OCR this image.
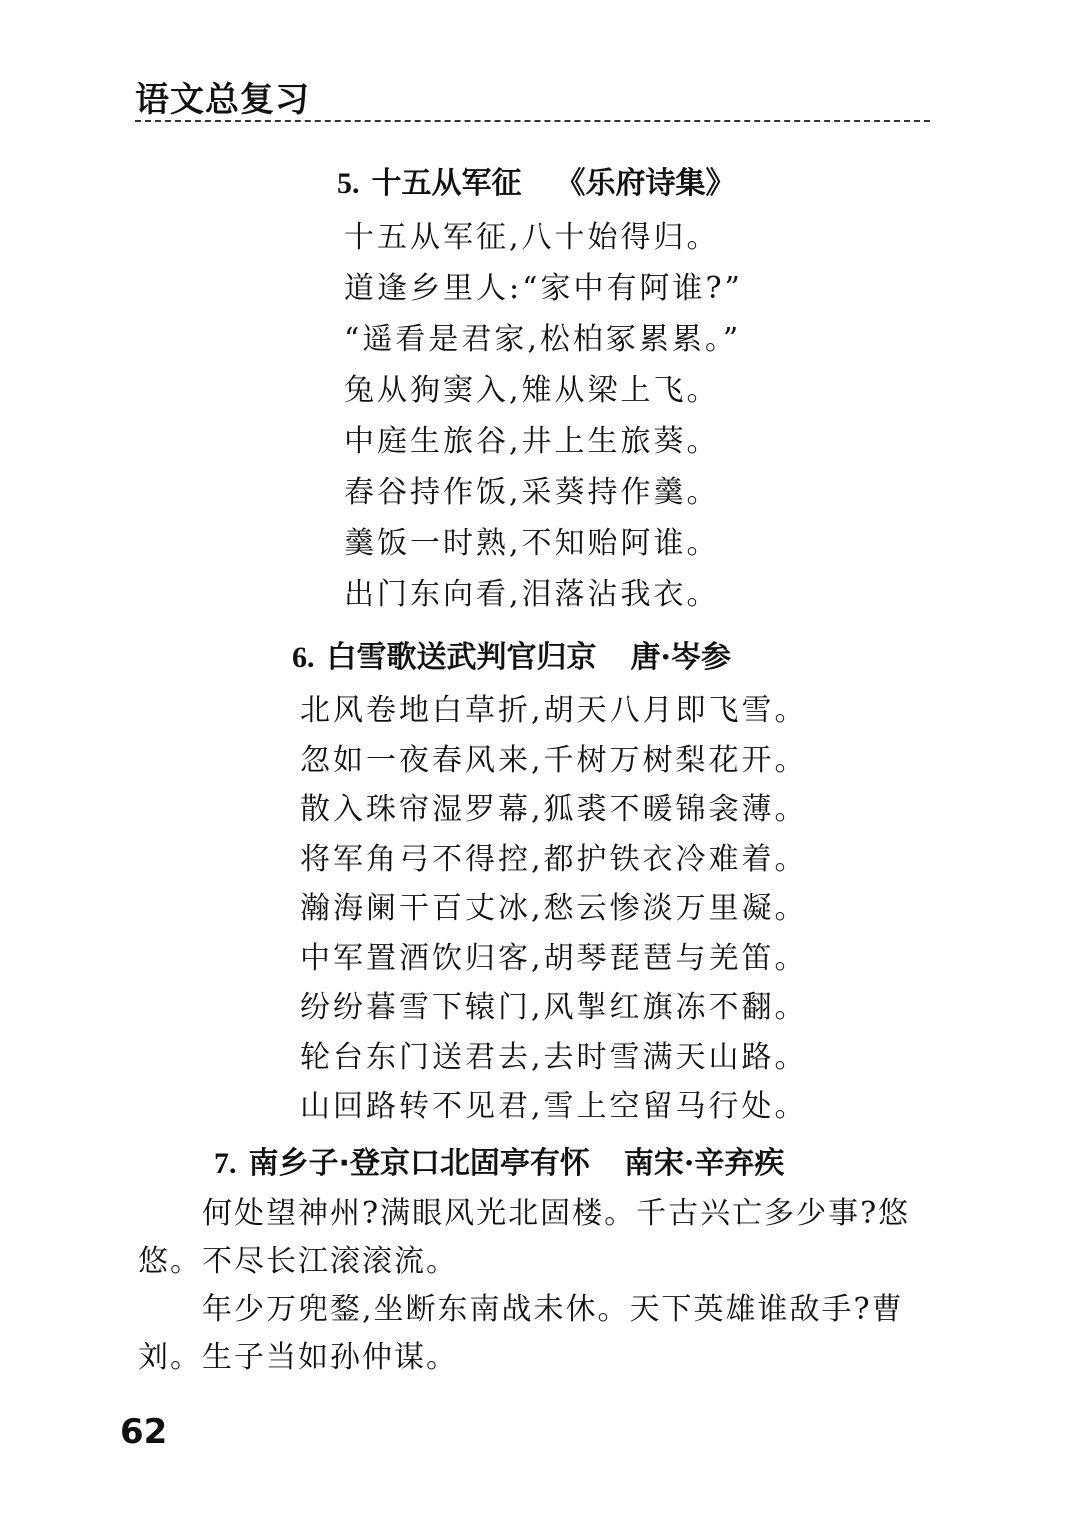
语文总复习
5. 十五从军征 《乐府诗集》
十五从军征,八十始得归。
道逢乡里人:“家中有阿谁?”
“遥看是君家,松柏冢累累。”
兔从狗窦入,雉从梁上飞。
中庭生旅谷,井上生旅葵。
舂谷持作饭,采葵持作羹。
羹饭一时熟,不知贻阿谁。
出门东向看,泪落沾我衣。
6. 白雪歌送武判官归京 唐·岑参
北风卷地白草折,胡天八月即飞雪。
忽如一夜春风来,千树万树梨花开。
散入珠帘湿罗幕,狐裘不暖锦衾薄。
将军角弓不得控,都护铁衣冷难着。
瀚海阑干百丈冰,愁云惨淡万里凝。
中军置酒饮归客,胡琴琵琶与羌笛。
纷纷暮雪下辕门,风掣红旗冻不翻。
轮台东门送君去,去时雪满天山路。
山回路转不见君,雪上空留马行处。
7. 南乡子·登京口北固亭有怀 南宋·辛弃疾

何处望神州?满眼风光北固楼。千古兴亡多少事?悠悠。不尽长江滚滚流。

年少万兜鍪,坐断东南战未休。天下英雄谁敌手?曹刘。生子当如孙仲谋。

62
